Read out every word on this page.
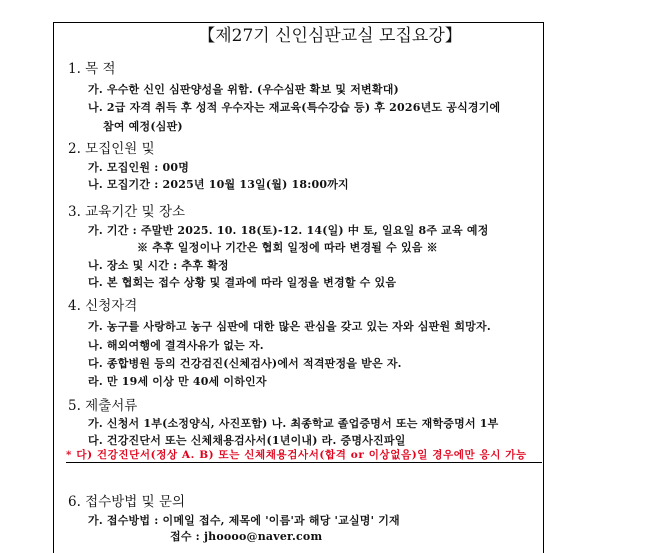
【제27기 신인심판교실 모집요강】
1. 목 적
가. 우수한 신인 심판양성을 위함. (우수심판 확보 및 저변확대)
나. 2급 자격 취득 후 성적 우수자는 재교육(특수강습 등) 후 2026년도 공식경기에
참여 예정(심판)
2. 모집인원 및
가. 모집인원 : 00명
나. 모집기간 : 2025년 10월 13일(월) 18:00까지
3. 교육기간 및 장소
가. 기간 : 주말반 2025. 10. 18(토)-12. 14(일) 中 토, 일요일 8주 교육 예정
※ 추후 일정이나 기간은 협회 일정에 따라 변경될 수 있음 ※
나. 장소 및 시간 : 추후 확정
다. 본 협회는 접수 상황 및 결과에 따라 일정을 변경할 수 있음
4. 신청자격
가. 농구를 사랑하고 농구 심판에 대한 많은 관심을 갖고 있는 자와 심판원 희망자.
나. 해외여행에 결격사유가 없는 자.
다. 종합병원 등의 건강검진(신체검사)에서 적격판정을 받은 자.
라. 만 19세 이상 만 40세 이하인자
5. 제출서류
가. 신청서 1부(소정양식, 사진포함) 나. 최종학교 졸업증명서 또는 재학증명서 1부
다. 건강진단서 또는 신체채용검사서(1년이내) 라. 증명사진파일
* 다) 건강진단서(정상 A. B) 또는 신체채용검사서(합격 or 이상없음)일 경우에만 응시 가능
6. 접수방법 및 문의
가. 접수방법 : 이메일 접수, 제목에 '이름'과 해당 '교실명' 기재
접수 : jhoooo@naver.com
